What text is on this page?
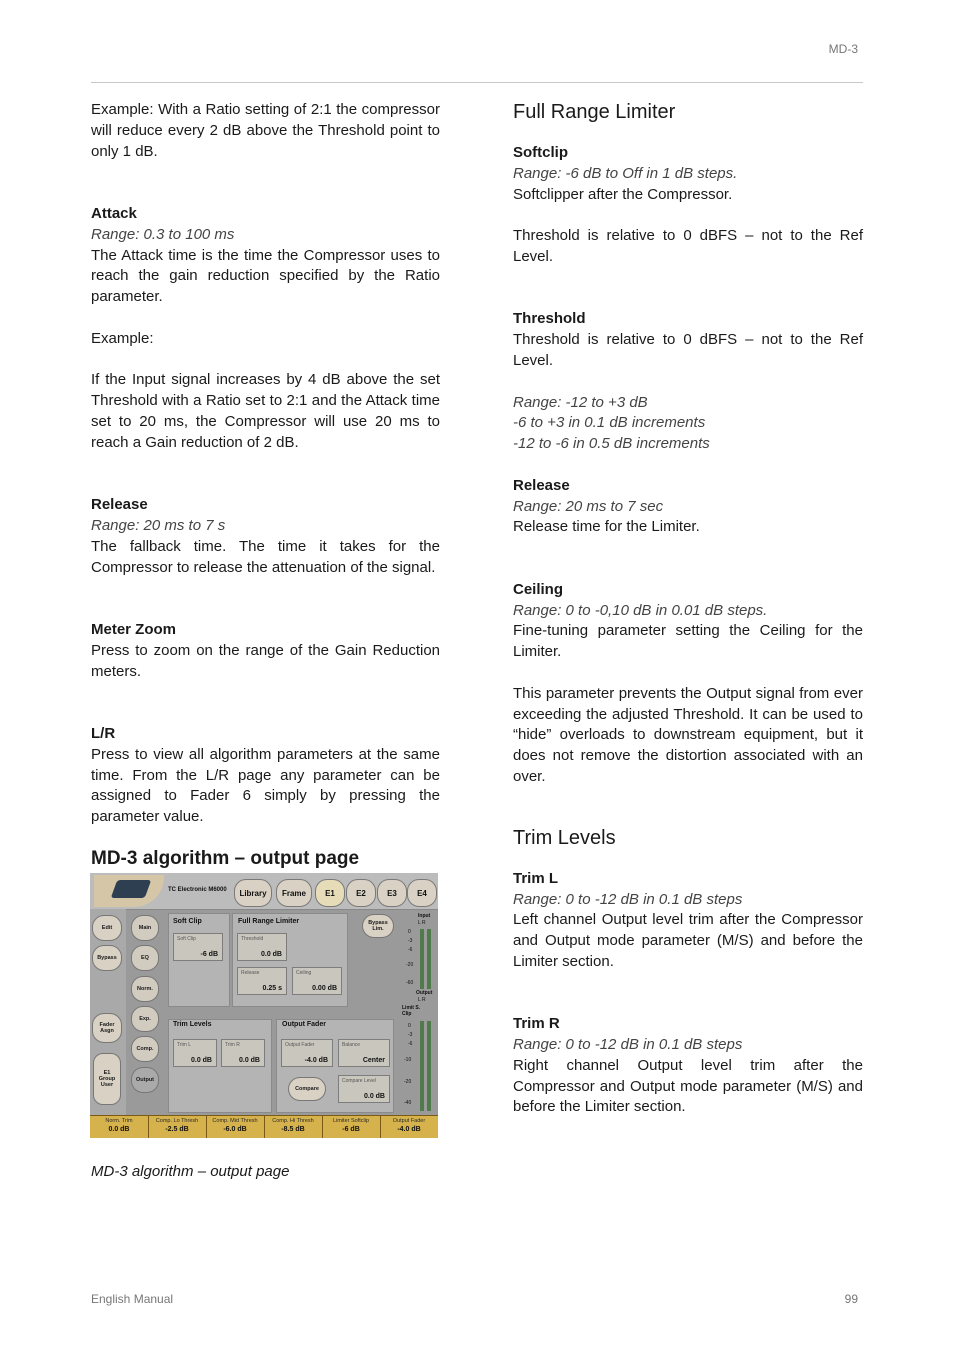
MD-3

Example: With a Ratio setting of 2:1 the compressor will reduce every 2 dB above the Threshold point to only 1 dB.

Attack

Range: 0.3 to 100 ms

The Attack time is the time the Compressor uses to reach the gain reduction specified by the Ratio parameter.

Example:

If the Input signal increases by 4 dB above the set Threshold with a Ratio set to 2:1 and the Attack time set to 20 ms, the Compressor will use 20 ms to reach a Gain reduction of 2 dB.

Release

Range: 20 ms to 7 s

The fallback time. The time it takes for the Compressor to release the attenuation of the signal.

Meter Zoom

Press to zoom on the range of the Gain Reduction meters.

L/R

Press to view all algorithm parameters at the same time. From the L/R page any parameter can be assigned to Fader 6 simply by pressing the parameter value.

MD-3 algorithm – output page

TC Electronic M6000	Library	Frame	E1	E2	E3	E4
Edit
Bypass
Fader Asgn
E1
Group
User
Main
EQ
Norm.
Exp.
Comp.
Output
Soft Clip
Soft Clip
-6 dB
Full Range Limiter	Bypass Lim.
Threshold
0.0 dB
Release
0.25 s
Ceiling
0.00 dB
Trim Levels
Trim L
0.0 dB
Trim R
0.0 dB
Output Fader
Output Fader
-4.0 dB
Balance
Center
Compare
Compare Level
0.0 dB
Input
L R
0
-3
-6
-20
-60
Limit S. Clip
Output
L R
0
-3
-6
-10
-20
-40
Norm. Trim
0.0 dB
Comp. Lo Thresh
-2.5 dB
Comp. Mid Thresh
-6.0 dB
Comp. Hi Thresh
-8.5 dB
Limiter Softclip
-6 dB
Output Fader
-4.0 dB
MD-3 algorithm – output page

Full Range Limiter

Softclip

Range: -6 dB to Off in 1 dB steps.

Softclipper after the Compressor.

Threshold is relative to 0 dBFS – not to the Ref Level.

Threshold

Threshold is relative to 0 dBFS – not to the Ref Level.

Range: -12 to +3 dB

-6 to +3 in 0.1 dB increments

-12 to -6 in 0.5 dB increments

Release

Range: 20 ms to 7 sec

Release time for the Limiter.

Ceiling

Range: 0 to -0,10 dB in 0.01 dB steps.

Fine-tuning parameter setting the Ceiling for the Limiter.

This parameter prevents the Output signal from ever exceeding the adjusted Threshold. It can be used to “hide” overloads to downstream equipment, but it does not remove the distortion associated with an over.

Trim Levels

Trim L

Range: 0 to -12 dB in 0.1 dB steps

Left channel Output level trim after the Compressor and Output mode parameter (M/S) and before the Limiter section.

Trim R

Range: 0 to -12 dB in 0.1 dB steps

Right channel Output level trim after the Compressor and Output mode parameter (M/S) and before the Limiter section.

English Manual	99
